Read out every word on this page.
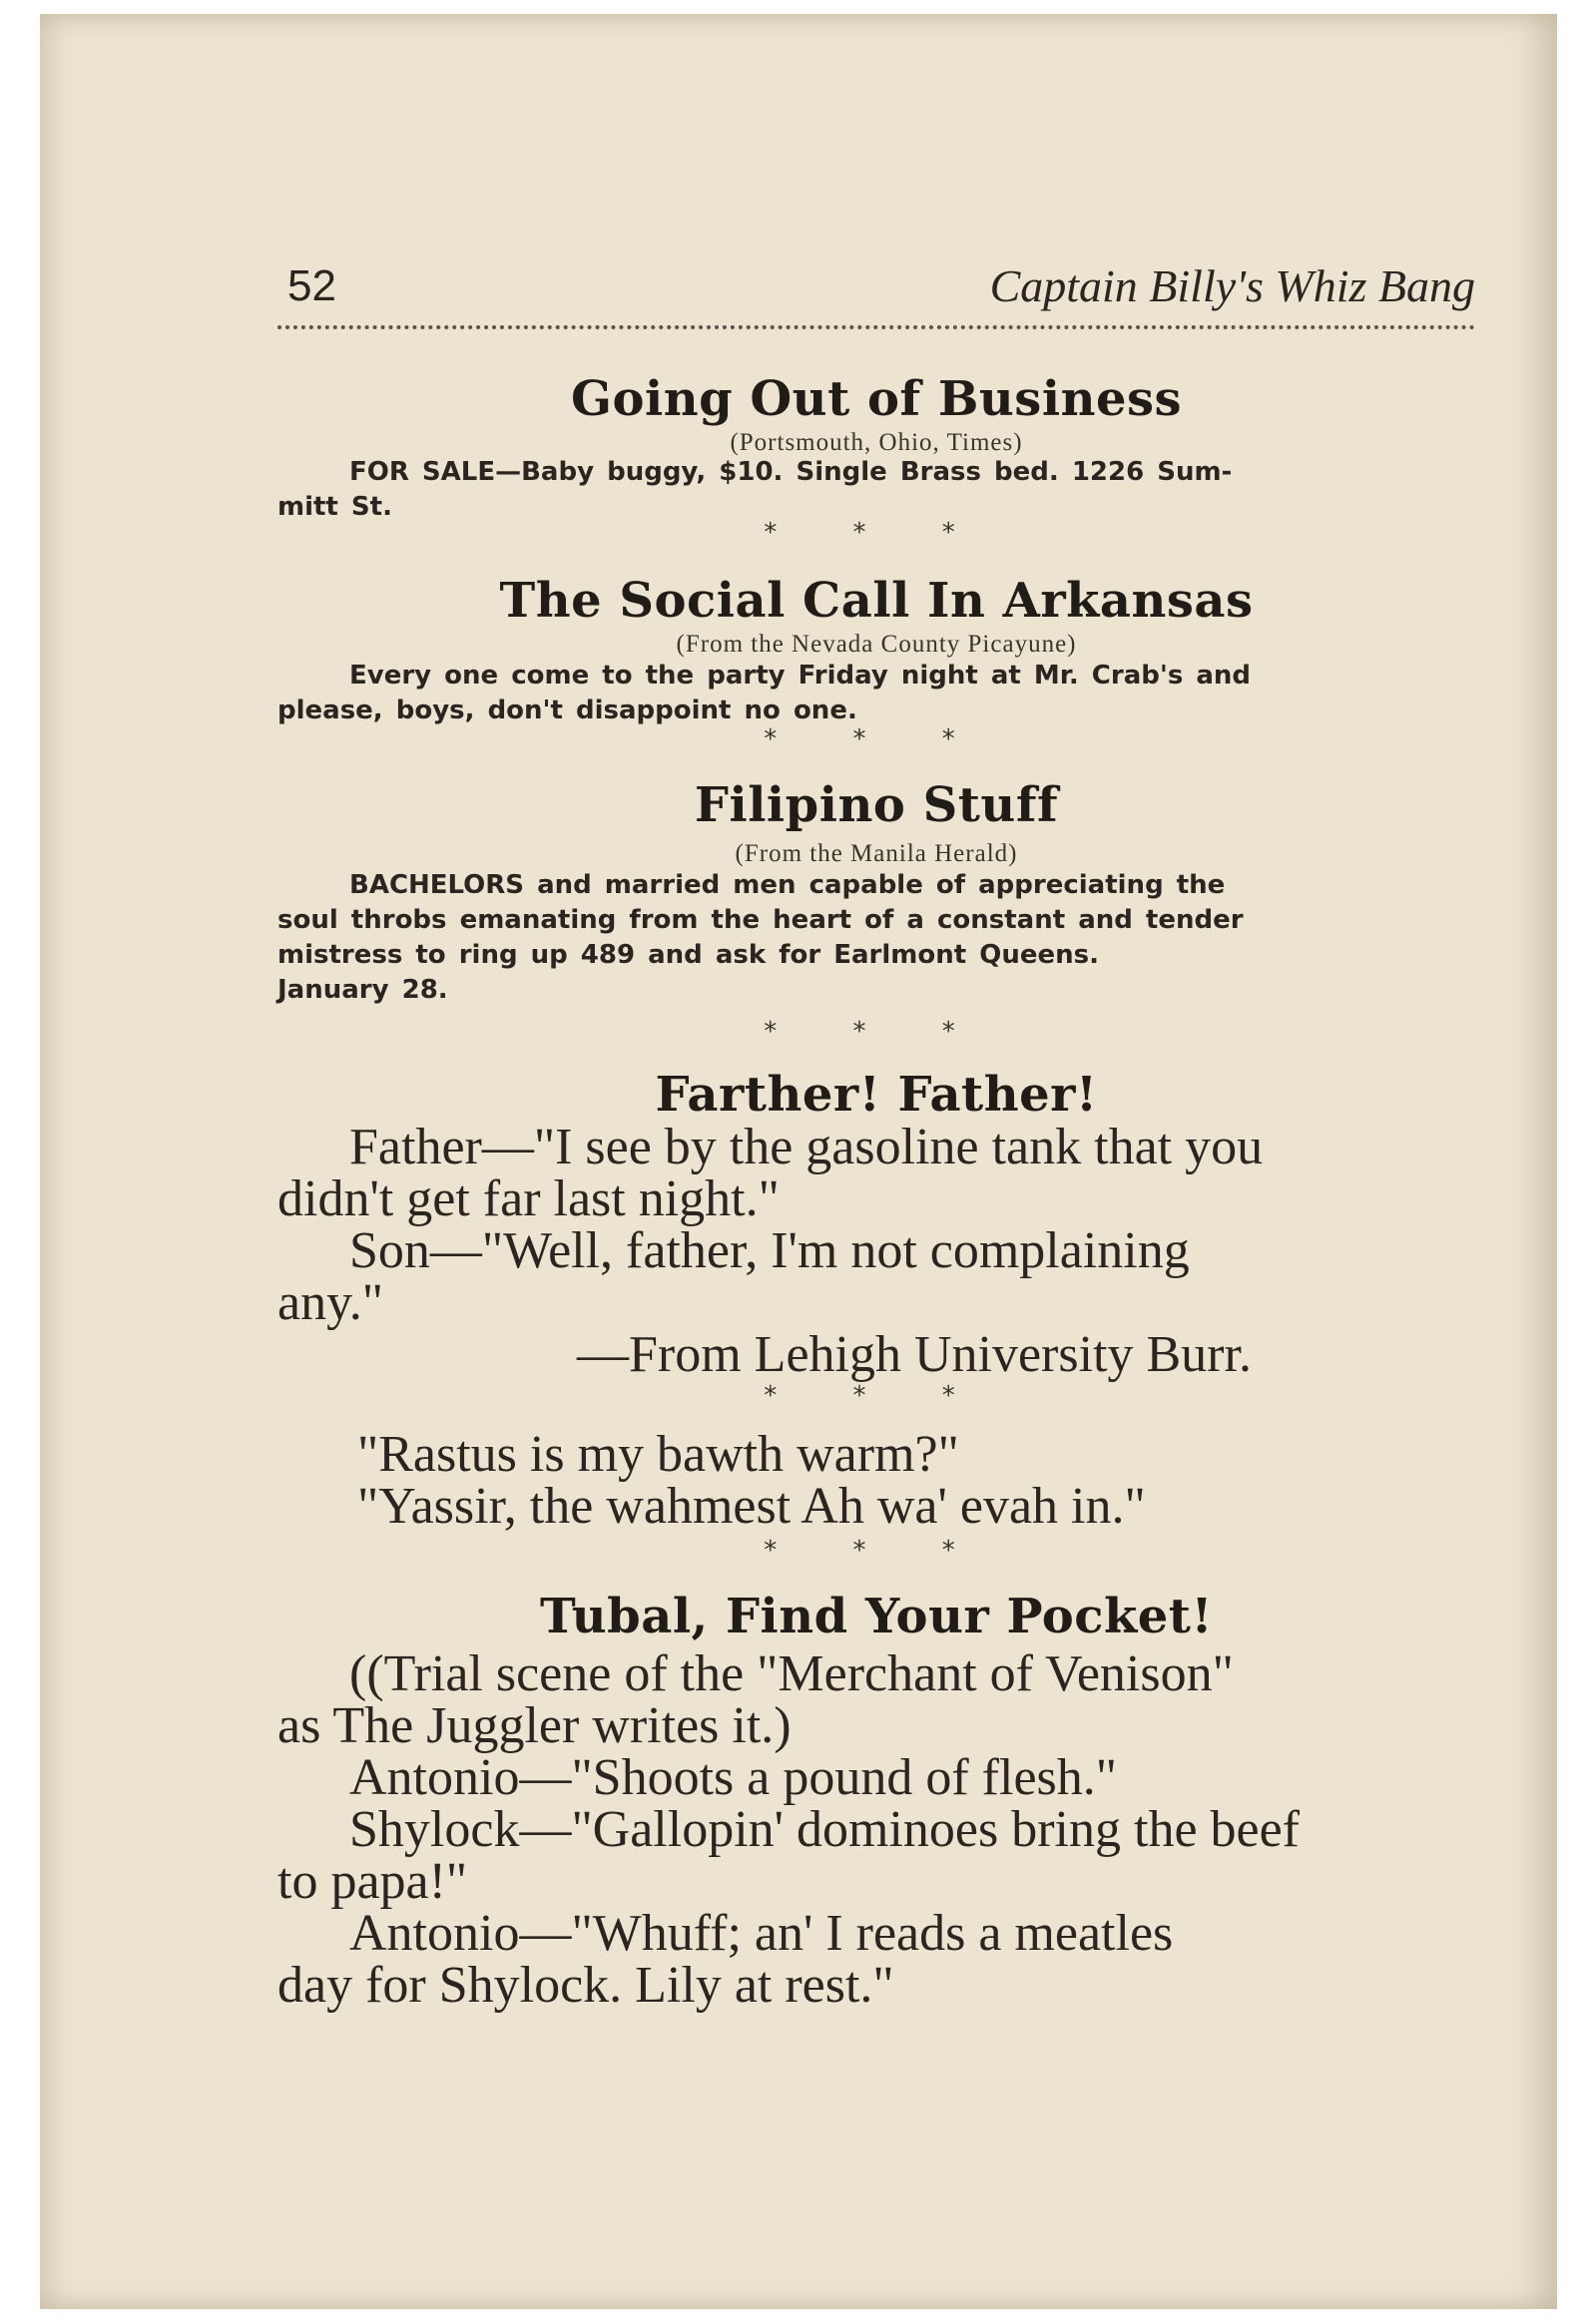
52	Captain Billy's Whiz Bang
Going Out of Business
(Portsmouth, Ohio, Times)

FOR SALE—Baby buggy, $10. Single Brass bed. 1226 Sum-

mitt St.

* * *
The Social Call In Arkansas
(From the Nevada County Picayune)

Every one come to the party Friday night at Mr. Crab's and

please, boys, don't disappoint no one.

* * *
Filipino Stuff
(From the Manila Herald)

BACHELORS and married men capable of appreciating the

soul throbs emanating from the heart of a constant and tender

mistress to ring up 489 and ask for Earlmont Queens.

January 28.

* * *
Farther! Father!

Father—"I see by the gasoline tank that you

didn't get far last night."

Son—"Well, father, I'm not complaining

any."

—From Lehigh University Burr.

* * *

"Rastus is my bawth warm?"

"Yassir, the wahmest Ah wa' evah in."

* * *
Tubal, Find Your Pocket!

((Trial scene of the "Merchant of Venison"

as The Juggler writes it.)

Antonio—"Shoots a pound of flesh."

Shylock—"Gallopin' dominoes bring the beef

to papa!"

Antonio—"Whuff; an' I reads a meatles

day for Shylock. Lily at rest."
